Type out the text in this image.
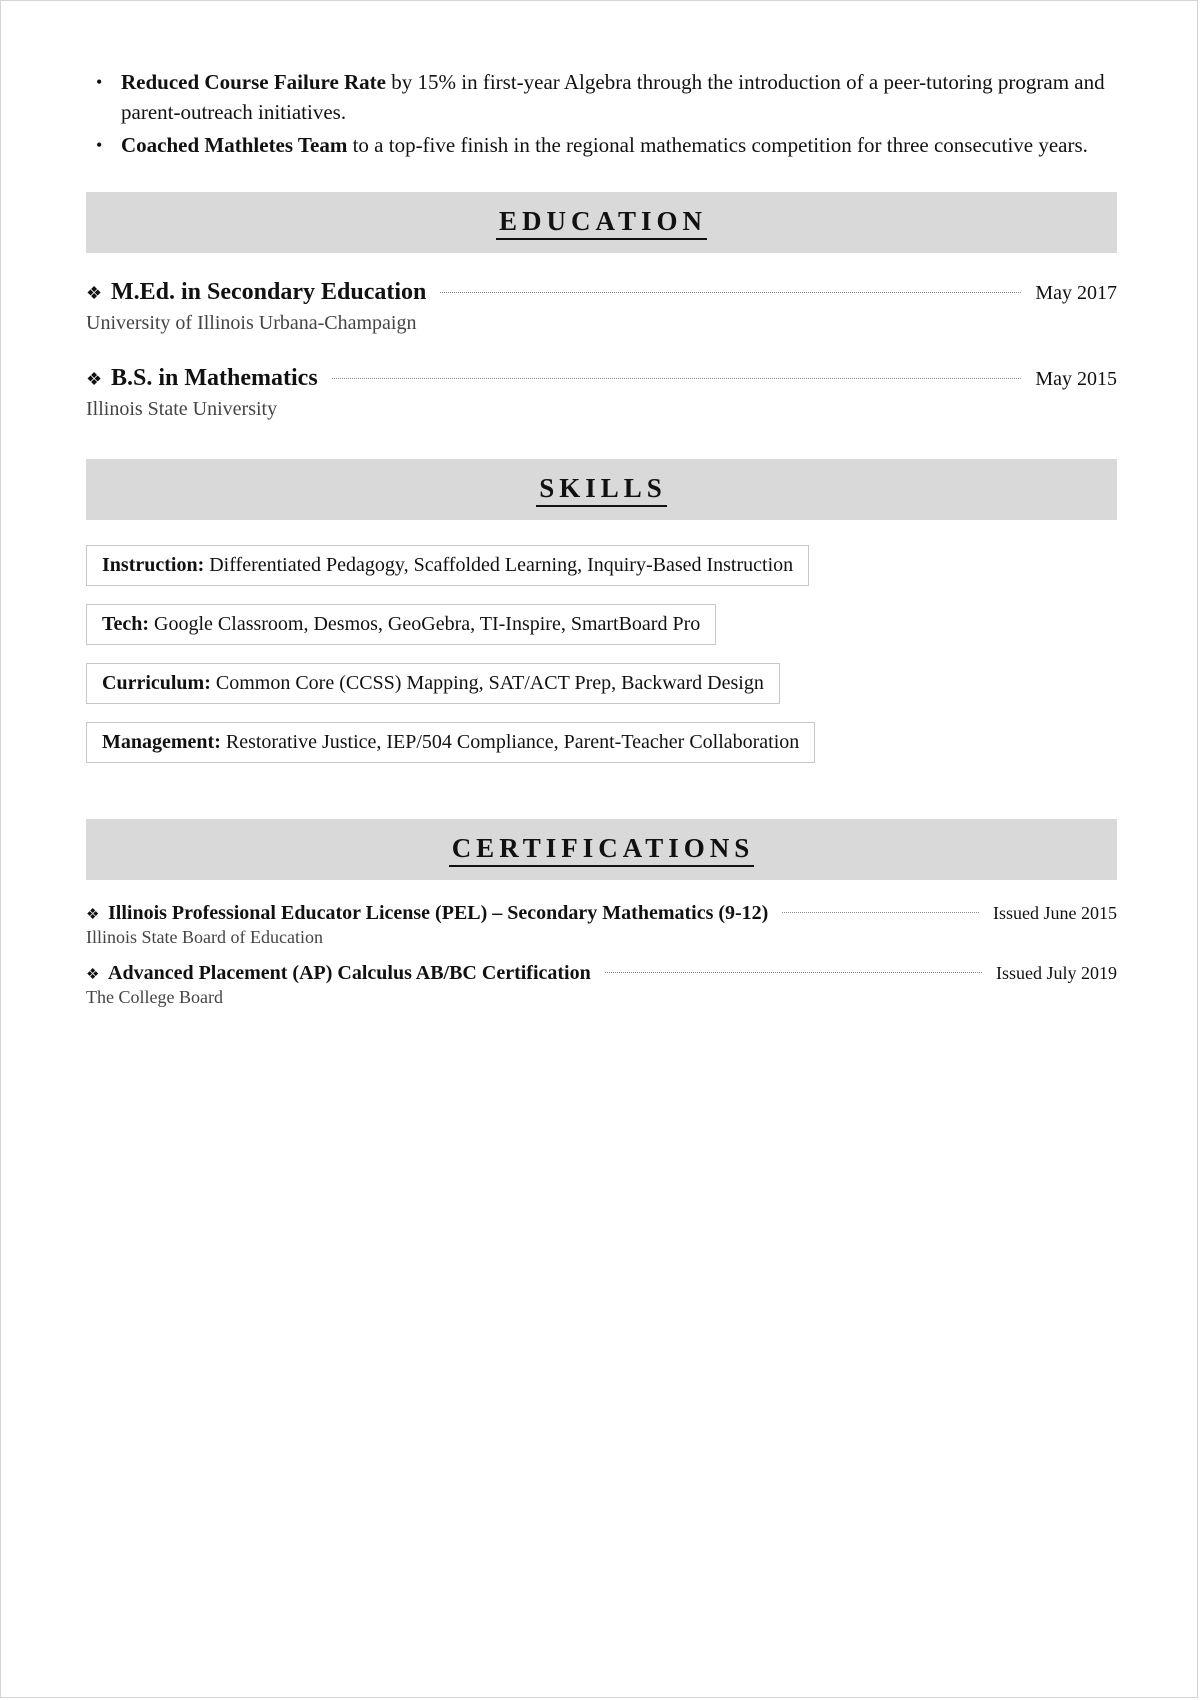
• Reduced Course Failure Rate by 15% in first-year Algebra through the introduction of a peer-tutoring program and parent-outreach initiatives.
• Coached Mathletes Team to a top-five finish in the regional mathematics competition for three consecutive years.
EDUCATION
❖ M.Ed. in Secondary Education	May 2017
University of Illinois Urbana-Champaign
❖ B.S. in Mathematics	May 2015
Illinois State University
SKILLS
Instruction: Differentiated Pedagogy, Scaffolded Learning, Inquiry-Based Instruction
Tech: Google Classroom, Desmos, GeoGebra, TI-Inspire, SmartBoard Pro
Curriculum: Common Core (CCSS) Mapping, SAT/ACT Prep, Backward Design
Management: Restorative Justice, IEP/504 Compliance, Parent-Teacher Collaboration
CERTIFICATIONS
❖ Illinois Professional Educator License (PEL) – Secondary Mathematics (9-12)	Issued June 2015
Illinois State Board of Education
❖ Advanced Placement (AP) Calculus AB/BC Certification	Issued July 2019
The College Board
